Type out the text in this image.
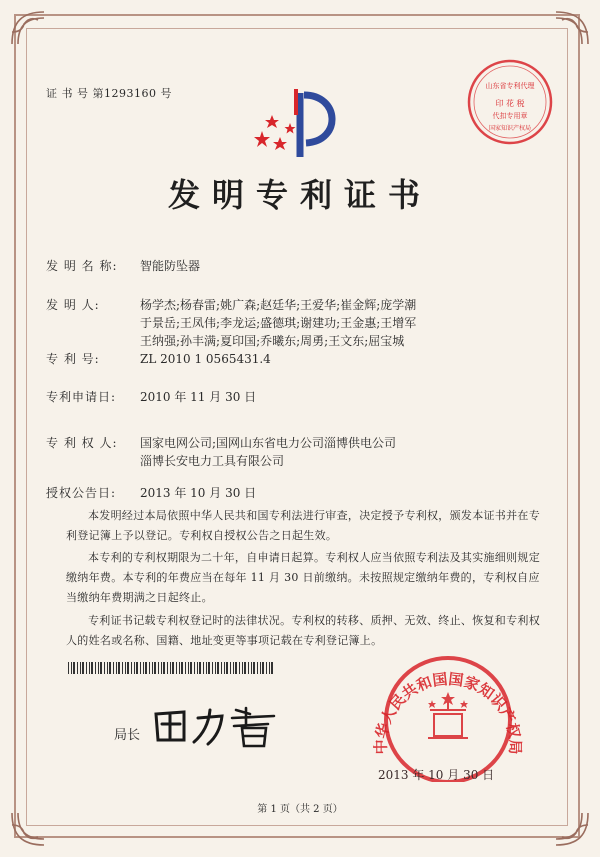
证 书 号 第1293160 号
山东省专利代理
印 花 税
代扣专用章
国家知识产权局
发明专利证书
发 明 名 称: 智能防坠器
发 明 人:	杨学杰;杨春雷;姚广森;赵廷华;王爱华;崔金辉;庞学潮
于景岳;王凤伟;李龙运;盛德琪;谢建功;王金惠;王增军
王纳强;孙丰满;夏印国;乔曦东;周勇;王文东;屈宝城
专 利 号:	ZL 2010 1 0565431.4
专利申请日: 2010 年 11 月 30 日
专 利 权 人: 国家电网公司;国网山东省电力公司淄博供电公司
淄博长安电力工具有限公司
授权公告日: 2013 年 10 月 30 日
本发明经过本局依照中华人民共和国专利法进行审查，决定授予专利权，颁发本证书并在专利登记簿上予以登记。专利权自授权公告之日起生效。
本专利的专利权期限为二十年，自申请日起算。专利权人应当依照专利法及其实施细则规定缴纳年费。本专利的年费应当在每年 11 月 30 日前缴纳。未按照规定缴纳年费的，专利权自应当缴纳年费期满之日起终止。
专利证书记载专利权登记时的法律状况。专利权的转移、质押、无效、终止、恢复和专利权人的姓名或名称、国籍、地址变更等事项记载在专利登记簿上。
局长
中华人民共和国国家知识产权局
2013 年 10 月 30 日
第 1 页（共 2 页）
